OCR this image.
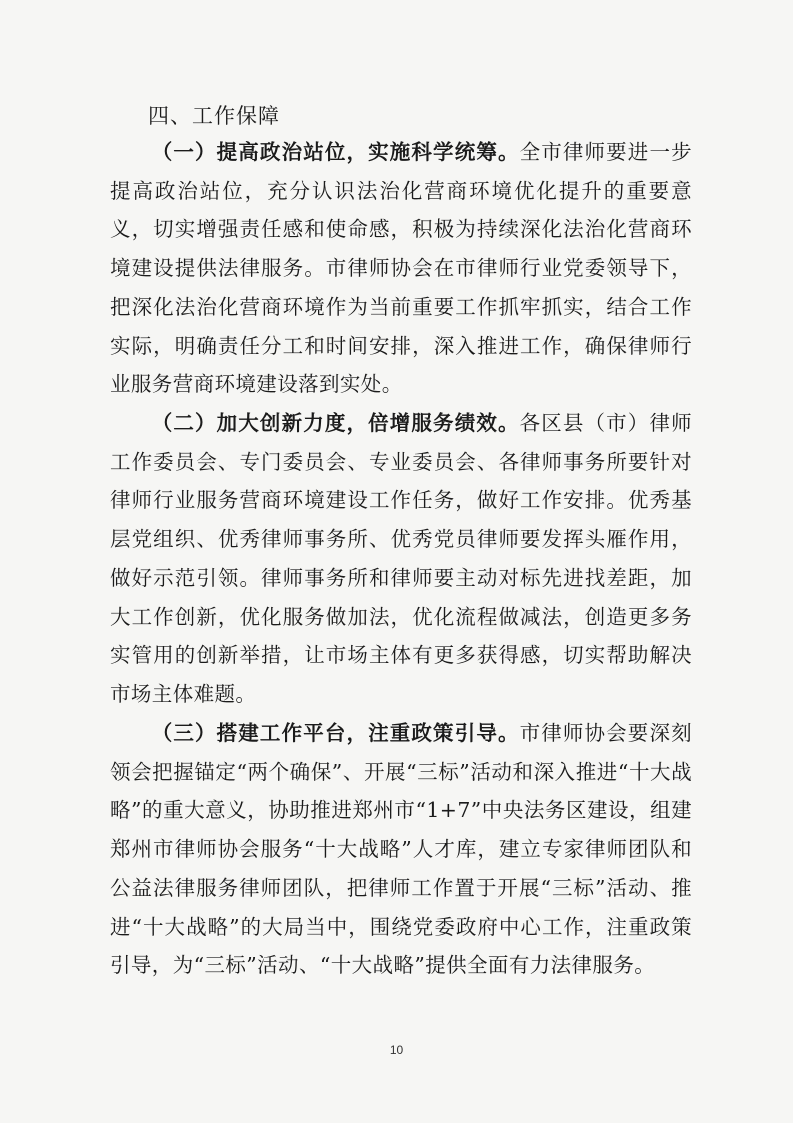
四、工作保障

（一）提高政治站位，实施科学统筹。全市律师要进一步提高政治站位，充分认识法治化营商环境优化提升的重要意义，切实增强责任感和使命感，积极为持续深化法治化营商环境建设提供法律服务。市律师协会在市律师行业党委领导下，把深化法治化营商环境作为当前重要工作抓牢抓实，结合工作实际，明确责任分工和时间安排，深入推进工作，确保律师行业服务营商环境建设落到实处。

（二）加大创新力度，倍增服务绩效。各区县（市）律师工作委员会、专门委员会、专业委员会、各律师事务所要针对律师行业服务营商环境建设工作任务，做好工作安排。优秀基层党组织、优秀律师事务所、优秀党员律师要发挥头雁作用，做好示范引领。律师事务所和律师要主动对标先进找差距，加大工作创新，优化服务做加法，优化流程做减法，创造更多务实管用的创新举措，让市场主体有更多获得感，切实帮助解决市场主体难题。

（三）搭建工作平台，注重政策引导。市律师协会要深刻领会把握锚定“两个确保”、开展“三标”活动和深入推进“十大战略”的重大意义，协助推进郑州市“1+7”中央法务区建设，组建郑州市律师协会服务“十大战略”人才库，建立专家律师团队和公益法律服务律师团队，把律师工作置于开展“三标”活动、推进“十大战略”的大局当中，围绕党委政府中心工作，注重政策引导，为“三标”活动、“十大战略”提供全面有力法律服务。

10
